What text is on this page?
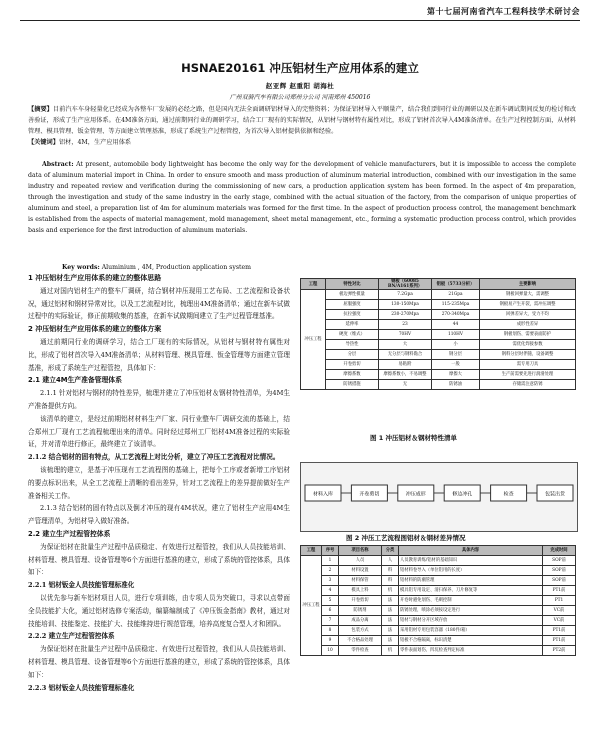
第十七届河南省汽车工程科技学术研讨会
HSNAE20161 冲压铝材生产应用体系的建立
赵亚辉 赵重阳 胡海杜
广州双骑汽车有限公司郑州分公司 河南郑州 450016
【摘要】目前汽车车身轻量化已经成为各整车厂发展的必经之路，但是国内无法全面调研铝材导入的完整资料；为保证铝材导入平顺量产，结合我们到同行业的调研以及在新车调试期间反复的检讨和改善验证，形成了生产应用体系。在4M准备方面，通过前期同行业的调研学习，结合工厂现有的实际情况，从铝材与钢材特有属性对比，形成了铝材首次导入4M准备清单。在生产过程控制方面，从材料管理、模具管理、钣金管理、等方面建立管理基准，形成了系统生产过程管控，为首次导入铝材提供依据和经验。
【关键词】铝材，4M，生产应用体系
Abstract: At present, automobile body lightweight has become the only way for the development of vehicle manufacturers, but it is impossible to access the complete data of aluminum material import in China. In order to ensure smooth and mass production of aluminum material introduction, combined with our investigation in the same industry and repeated review and verification during the commissioning of new cars, a production application system has been formed. In the aspect of 4m preparation, through the investigation and study of the same industry in the early stage, combined with the actual situation of the factory, from the comparison of unique properties of aluminum and steel, a preparation list of 4m for aluminum materials was formed for the first time. In the aspect of production process control, the management benchmark is established from the aspects of material management, mold management, sheet metal management, etc., forming a systematic production process control, which provides basis and experience for the first introduction of aluminum materials.
Key words: Aluminium , 4M, Production application system
1 冲压铝材生产应用体系的建立的整体思路

通过对国内铝材生产的整车厂调研，结合钢材冲压现用工艺布局、工艺流程和设备状况，通过铝材和钢材异常对比，以及工艺流程对比，梳理出4M准备清单；通过在新车试做过程中的实际验证，修正前期收集的基准，在新车试做期间建立了生产过程管理基准。

2 冲压铝材生产应用体系的建立的整体方案

通过前期同行业的调研学习，结合工厂现有的实际情况，从铝材与钢材特有属性对比，形成了铝材首次导入4M准备清单；从材料管理、模具管理、钣金管理等方面建立管理基准，形成了系统生产过程管控，具体如下：

2.1 建立4M生产准备管理体系

2.1.1 针对铝材与钢材的特性差异，梳理并建立了冲压铝材＆钢材特性清单，为4M生产准备提供方向。

该清单的建立，是经过前期铝材材料生产厂家、同行业整车厂调研交流的基础上，结合郑州工厂现有工艺流程梳理出来的清单。同时经过郑州工厂铝材4M准备过程的实际验证，并对清单进行修正，最终建立了该清单。

2.1.2 结合铝材的固有特点，从工艺流程上对比分析，建立了冲压工艺流程对比情况。

该梳理的建立，是基于冲压现有工艺流程图的基础上，把每个工序或者新增工序铝材的要点标识出来，从全工艺流程上清晰的看出差异，针对工艺流程上的差异提前做好生产准备相关工作。

2.1.3 结合铝材的固有特点以及倒才冲压的现有4M状况，建立了铝材生产应用4M生产管理清单，为铝材导入做好准备。

2.2 建立生产过程管控体系

为保证铝材在批量生产过程中品质稳定、有效进行过程管控，我们从人员技能培训、材料管理、模具管理、设备管理等6个方面进行基准的建立，形成了系统的管控体系，具体如下：

2.2.1 铝材钣金人员技能管理标准化

以优先参与新车铝材项目人员，进行专项训练，由专项人员为突破口，寻求以点带面全员技能扩大化，通过铝材选修专案活动，编纂编制成了《冲压钣金指南》教材，通过对技能培训、技能鉴定、技能扩大、技能维持进行规范管理，培养高度复合型人才和团队。

2.2.2 建立生产过程管控体系

为保证铝材在批量生产过程中品质稳定、有效进行过程管控，我们从人员技能培训、材料管理、模具管理、设备管理等6个方面进行基准的建立，形成了系统的管控体系，具体如下：

2.2.3 铝材钣金人员技能管理标准化
工程	特性对比	钢板（60085 BN/A161系列）	铝板（5733分析）	主要影响
冲压工程	板边弹性模量	7.2Gpa	21Gpa	钢板回弹量大，需调整
	屈服强度	130-150Mpa	115-235Mpa	钢板易产生开裂，需冲压调整
	抗拉强度	230-270Mpa	270-340Mpa	回弹差异大，受力不均
	延伸率	23	44	成形性差异
	硬度（维式）	70HV	110HV	钢板划伤、需要表面防护
	导热性	大	小	需优化焊接参数
	分层	无分层与钢料黏合	钢分层	钢料分层时伴随，设备调整
	开卷剪切	易粘附	一般	需专用刀具
	摩擦系数	摩擦系数小，不易调整	摩擦大	生产前需要先进行润滑处理
	防锈措施	无	防锈油	存储需注意防锈
图 1 冲压铝材＆钢材特性清单
材料入库	开卷剪切	冲压成形	修边冲孔	检查	包装出货
图 2 冲压工艺流程图铝材＆钢材差异情况
工程	序号	项目名称	分类	具体内容	完成时间
冲压工程	1	人员	人	人员教育训练/铝材的基础知识	SOP前
	2	材料设置	料	铝材料卷导入（单位铝用的长度）	SOP前
	3	材料保管	料	铝材料的防潮管理	SOP前
	4	模具上料	机	模具铝专用设定、清扫保养、刀片修复等	PT1前
	5	开卷剪切	法	开卷时避免划伤、毛刺控制	PT1
	6	防锈剂	法	防锈处理，喷涂必须按设定进行	VC前
	7	成品分离	法	铝材与钢材分开区域存放	VC前
	8	包装方式	法	采用铝材专用包装容器（180件/箱）	PT1前
	9	不合格品处理	法	铝板不合格隔离，标识清楚	PT1前
	10	零件检查	机	零件表面划伤、凹坑检查判定标准	PT2前
